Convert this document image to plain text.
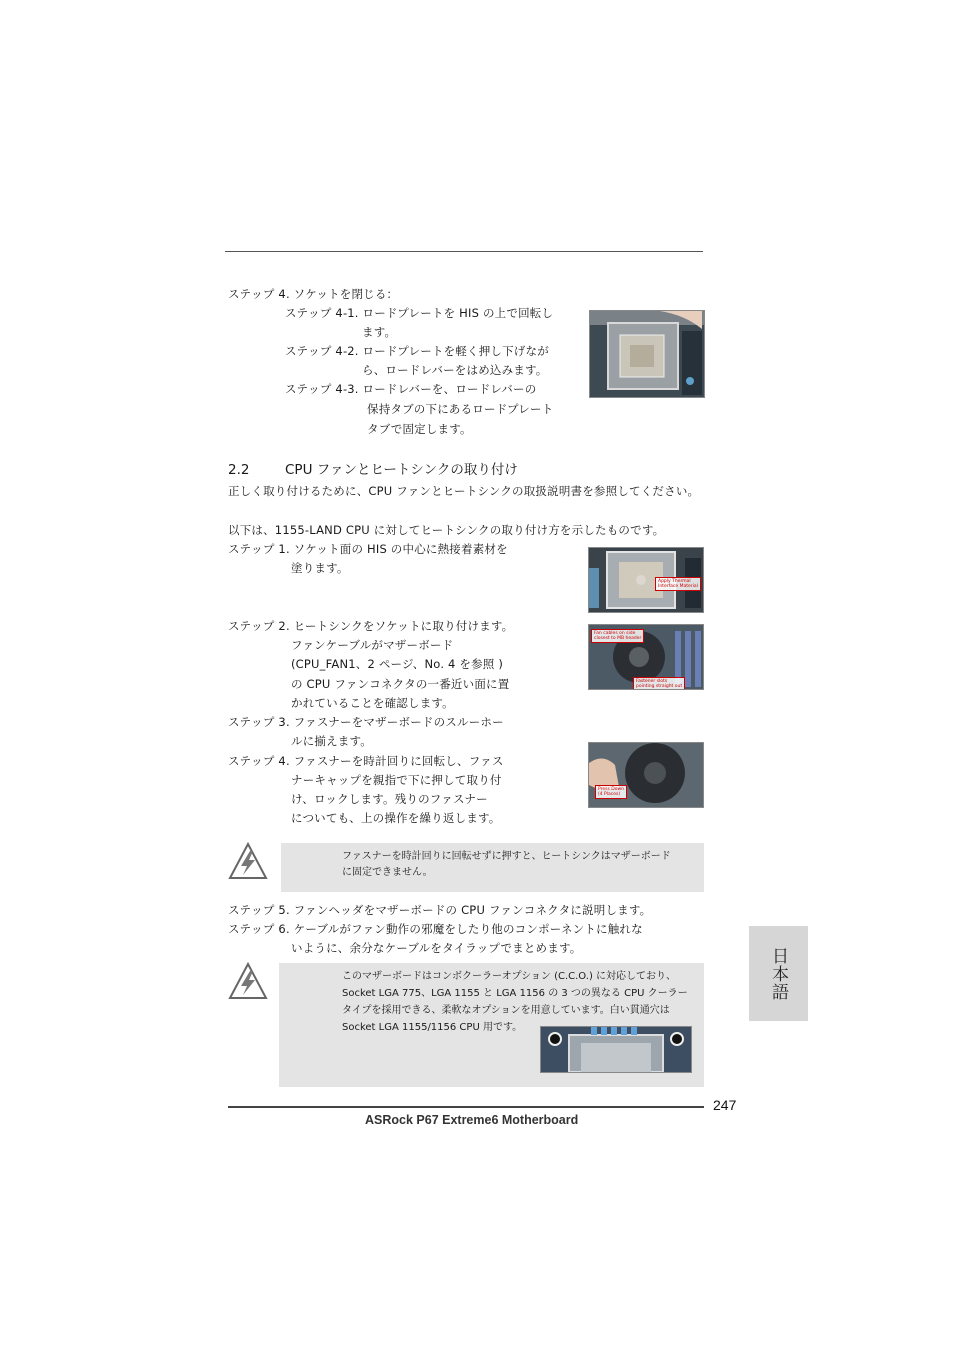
ステップ 4. ソケットを閉じる：
ステップ 4-1. ロードプレートを HIS の上で回転し
ます。
ステップ 4-2. ロードプレートを軽く押し下げなが
ら、ロードレバーをはめ込みます。
ステップ 4-3. ロードレバーを、ロードレバーの
保持タブの下にあるロードプレート
タブで固定します。
2.2	CPU ファンとヒートシンクの取り付け
正しく取り付けるために、CPU ファンとヒートシンクの取扱説明書を参照してください。
以下は、1155-LAND CPU に対してヒートシンクの取り付け方を示したものです。
ステップ 1. ソケット面の HIS の中心に熱接着素材を
塗ります。
Apply Thermal
Interface Material
ステップ 2. ヒートシンクをソケットに取り付けます。
ファンケーブルがマザーボード
(CPU_FAN1、2 ページ、No. 4 を参照 )
の CPU ファンコネクタの一番近い面に置
かれていることを確認します。
Fan cables on side
closest to MB header
Fastener slots
pointing straight out
ステップ 3. ファスナーをマザーボードのスルーホー
ルに揃えます。
ステップ 4. ファスナーを時計回りに回転し、ファス
ナーキャップを親指で下に押して取り付
け、ロックします。残りのファスナー
についても、上の操作を繰り返します。
Press Down
(4 Places)
ファスナーを時計回りに回転せずに押すと、ヒートシンクはマザーボード
に固定できません。
ステップ 5. ファンヘッダをマザーボードの CPU ファンコネクタに説明します。
ステップ 6. ケーブルがファン動作の邪魔をしたり他のコンポーネントに触れな
いように、余分なケーブルをタイラップでまとめます。
このマザーボードはコンボクーラーオプション (C.C.O.) に対応しており、
Socket LGA 775、LGA 1155 と LGA 1156 の 3 つの異なる CPU クーラー
タイプを採用できる、柔軟なオプションを用意しています。白い貫通穴は
Socket LGA 1155/1156 CPU 用です。
日本語
247
ASRock P67 Extreme6 Motherboard
